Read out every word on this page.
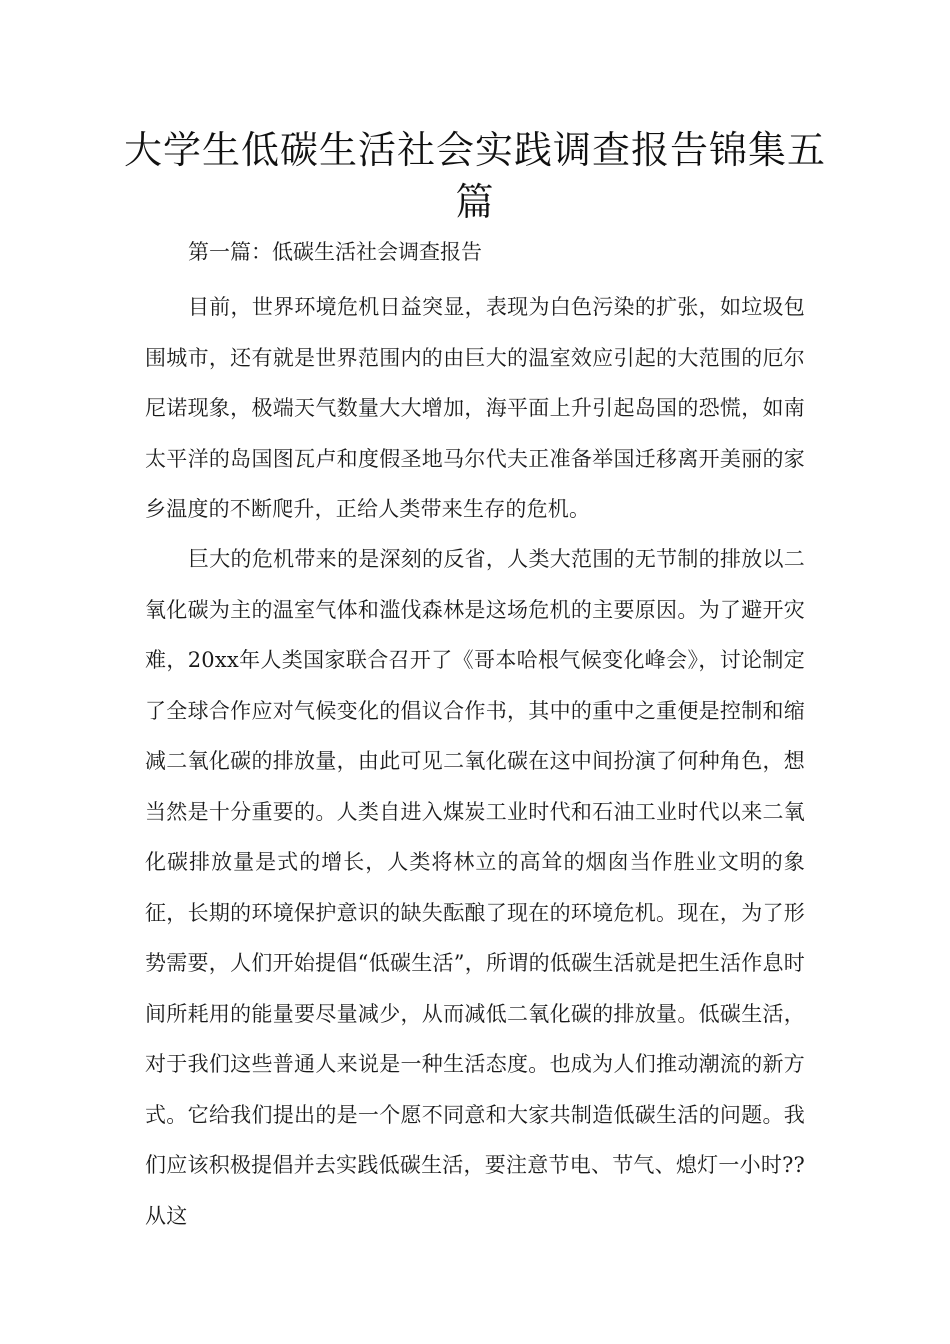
大学生低碳生活社会实践调查报告锦集五篇
第一篇：低碳生活社会调查报告

目前，世界环境危机日益突显，表现为白色污染的扩张，如垃圾包围城市，还有就是世界范围内的由巨大的温室效应引起的大范围的厄尔尼诺现象，极端天气数量大大增加，海平面上升引起岛国的恐慌，如南太平洋的岛国图瓦卢和度假圣地马尔代夫正准备举国迁移离开美丽的家乡温度的不断爬升，正给人类带来生存的危机。

巨大的危机带来的是深刻的反省，人类大范围的无节制的排放以二氧化碳为主的温室气体和滥伐森林是这场危机的主要原因。为了避开灾难，20xx年人类国家联合召开了《哥本哈根气候变化峰会》，讨论制定了全球合作应对气候变化的倡议合作书，其中的重中之重便是控制和缩减二氧化碳的排放量，由此可见二氧化碳在这中间扮演了何种角色，想当然是十分重要的。人类自进入煤炭工业时代和石油工业时代以来二氧化碳排放量是式的增长，人类将林立的高耸的烟囱当作胜业文明的象征，长期的环境保护意识的缺失酝酿了现在的环境危机。现在，为了形势需要，人们开始提倡“低碳生活”，所谓的低碳生活就是把生活作息时间所耗用的能量要尽量减少，从而减低二氧化碳的排放量。低碳生活，对于我们这些普通人来说是一种生活态度。也成为人们推动潮流的新方式。它给我们提出的是一个愿不同意和大家共制造低碳生活的问题。我们应该积极提倡并去实践低碳生活，要注意节电、节气、熄灯一小时??从这
